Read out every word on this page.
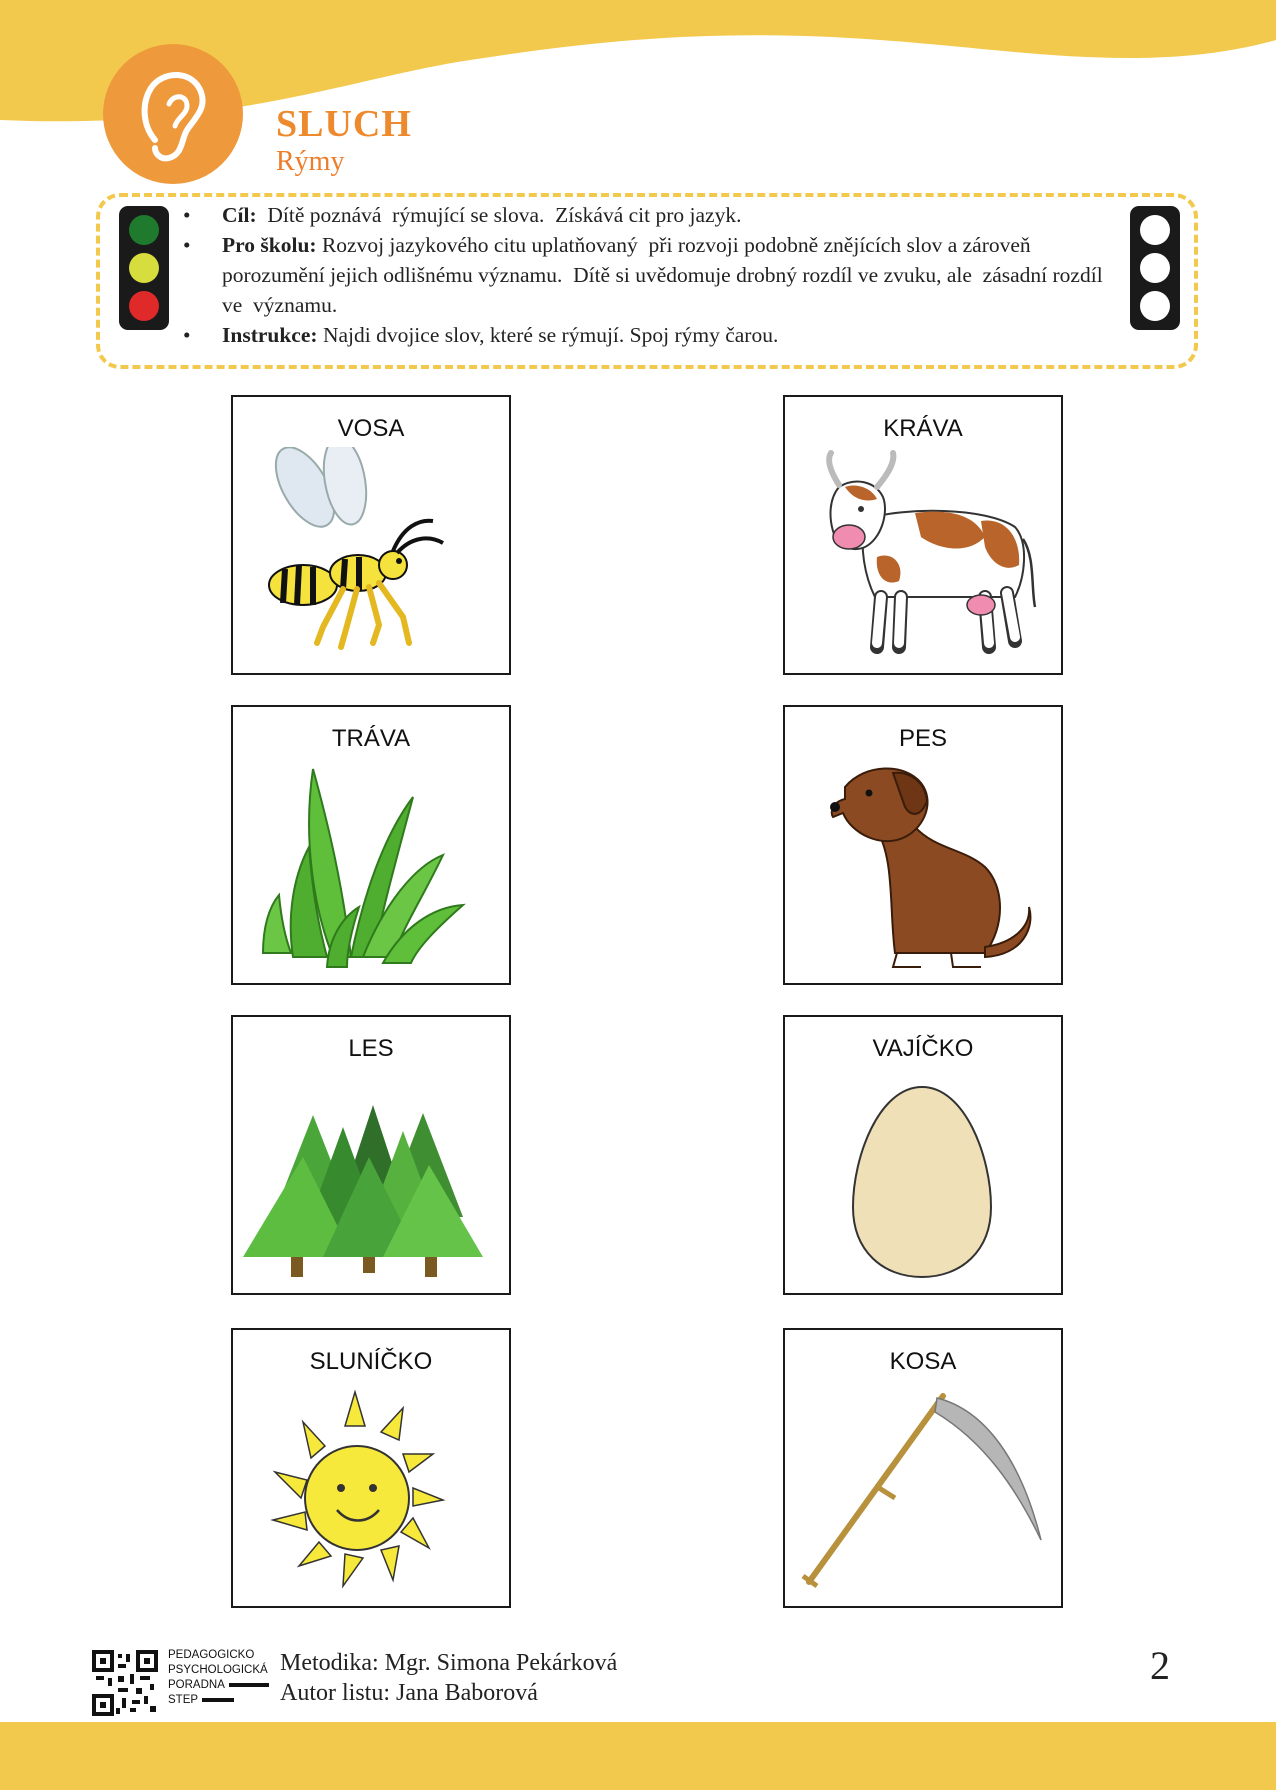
SLUCH
Rýmy
• Cíl:  Dítě poznává  rýmující se slova.  Získává cit pro jazyk.
• Pro školu: Rozvoj jazykového citu uplatňovaný  při rozvoji podobně znějících slov a zároveň porozumění jejich odlišnému významu.  Dítě si uvědomuje drobný rozdíl ve zvuku, ale  zásadní rozdíl ve  významu.
• Instrukce: Najdi dvojice slov, které se rýmují. Spoj rýmy čarou.
VOSA
TRÁVA
LES
SLUNÍČKO
KRÁVA
PES
VAJÍČKO
KOSA
PEDAGOGICKO
PSYCHOLOGICKÁ
PORADNA
STEP
Metodika: Mgr. Simona Pekárková
Autor listu: Jana Baborová
2
